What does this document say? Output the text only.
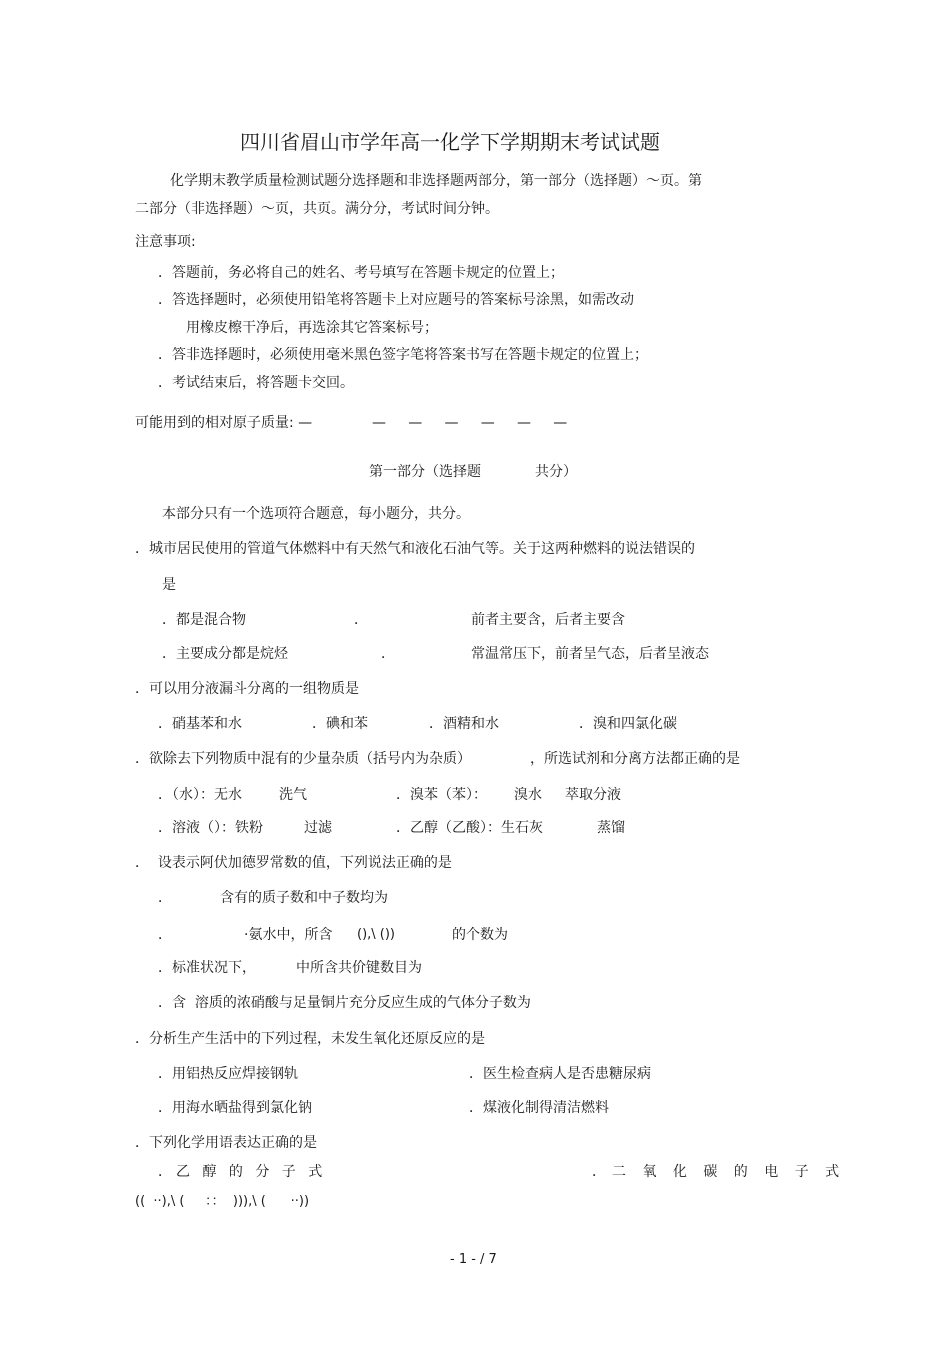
四川省眉山市学年高一化学下学期期末考试试题
化学期末教学质量检测试题分选择题和非选择题两部分，第一部分（选择题）～页。第
二部分（非选择题）～页，共页。满分分，考试时间分钟。
注意事项:
．答题前，务必将自己的姓名、考号填写在答题卡规定的位置上；
．答选择题时，必须使用铅笔将答题卡上对应题号的答案标号涂黑，如需改动
用橡皮檫干净后，再选涂其它答案标号；
．答非选择题时，必须使用毫米黑色签字笔将答案书写在答题卡规定的位置上；
．考试结束后，将答题卡交回。
可能用到的相对原子质量: —	—     —     —     —     —     —
第一部分（选择题	共分）
本部分只有一个选项符合题意，每小题分，共分。
．城市居民使用的管道气体燃料中有天然气和液化石油气等。关于这两种燃料的说法错误的
是
．都是混合物	．	前者主要含，后者主要含
．主要成分都是烷烃	．	常温常压下，前者呈气态，后者呈液态
．可以用分液漏斗分离的一组物质是
．硝基苯和水	．碘和苯	．酒精和水	．溴和四氯化碳
．欲除去下列物质中混有的少量杂质（括号内为杂质）	，所选试剂和分离方法都正确的是
．（水）：无水	洗气	．溴苯（苯）： 溴水 萃取分液
．溶液（）：铁粉	过滤	．乙醇（乙酸）：生石灰	蒸馏
．  设表示阿伏加德罗常数的值，下列说法正确的是
．	含有的质子数和中子数均为
．	·氨水中，所含 (),\ ())	的个数为
．标准状况下，	中所含共价键数目为
．含  溶质的浓硝酸与足量铜片充分反应生成的气体分子数为
．分析生产生活中的下列过程，未发生氧化还原反应的是
．用铝热反应焊接钢轨	．医生检查病人是否患糖尿病
．用海水晒盐得到氯化钠	．煤液化制得清洁燃料
．下列化学用语表达正确的是
．乙 醇 的 分 子 式	．二 氧 化 碳 的 电 子 式
((  ··),\ (     ：：  ))),\ (      ··))
- 1 - / 7
